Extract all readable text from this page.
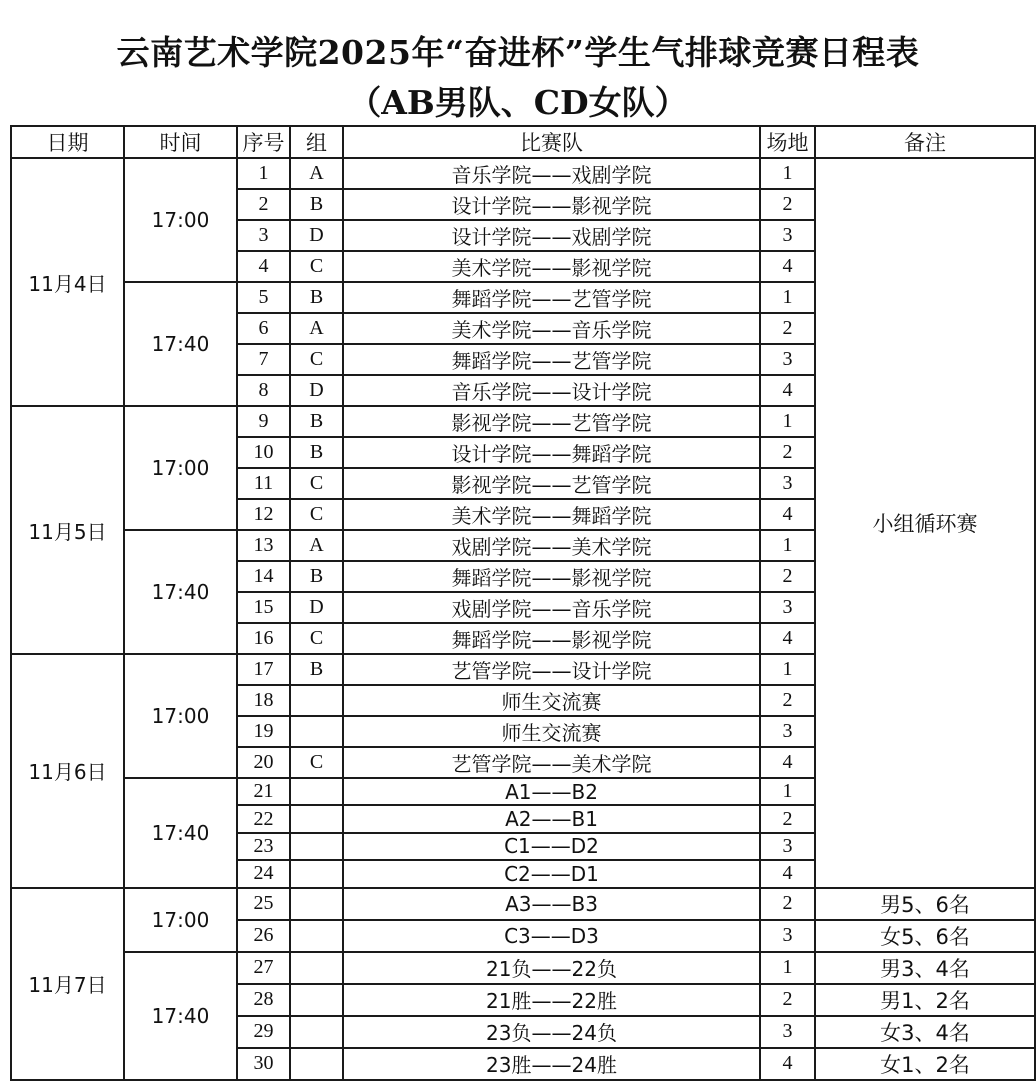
云南艺术学院2025年“奋进杯”学生气排球竞赛日程表
（AB男队、CD女队）
日期	时间	序号	组	比赛队	场地	备注
11月4日	17:00	1	A	音乐学院——戏剧学院	1	小组循环赛
		2	B	设计学院——影视学院	2	
		3	D	设计学院——戏剧学院	3	
		4	C	美术学院——影视学院	4	
	17:40	5	B	舞蹈学院——艺管学院	1	
		6	A	美术学院——音乐学院	2	
		7	C	舞蹈学院——艺管学院	3	
		8	D	音乐学院——设计学院	4	
11月5日	17:00	9	B	影视学院——艺管学院	1	
		10	B	设计学院——舞蹈学院	2	
		11	C	影视学院——艺管学院	3	
		12	C	美术学院——舞蹈学院	4	
	17:40	13	A	戏剧学院——美术学院	1	
		14	B	舞蹈学院——影视学院	2	
		15	D	戏剧学院——音乐学院	3	
		16	C	舞蹈学院——影视学院	4	
11月6日	17:00	17	B	艺管学院——设计学院	1	
		18		师生交流赛	2	
		19		师生交流赛	3	
		20	C	艺管学院——美术学院	4	
	17:40	21		A1——B2	1	
		22		A2——B1	2	
		23		C1——D2	3	
		24		C2——D1	4	
11月7日	17:00	25		A3——B3	2	男5、6名
		26		C3——D3	3	女5、6名
	17:40	27		21负——22负	1	男3、4名
		28		21胜——22胜	2	男1、2名
		29		23负——24负	3	女3、4名
		30		23胜——24胜	4	女1、2名
